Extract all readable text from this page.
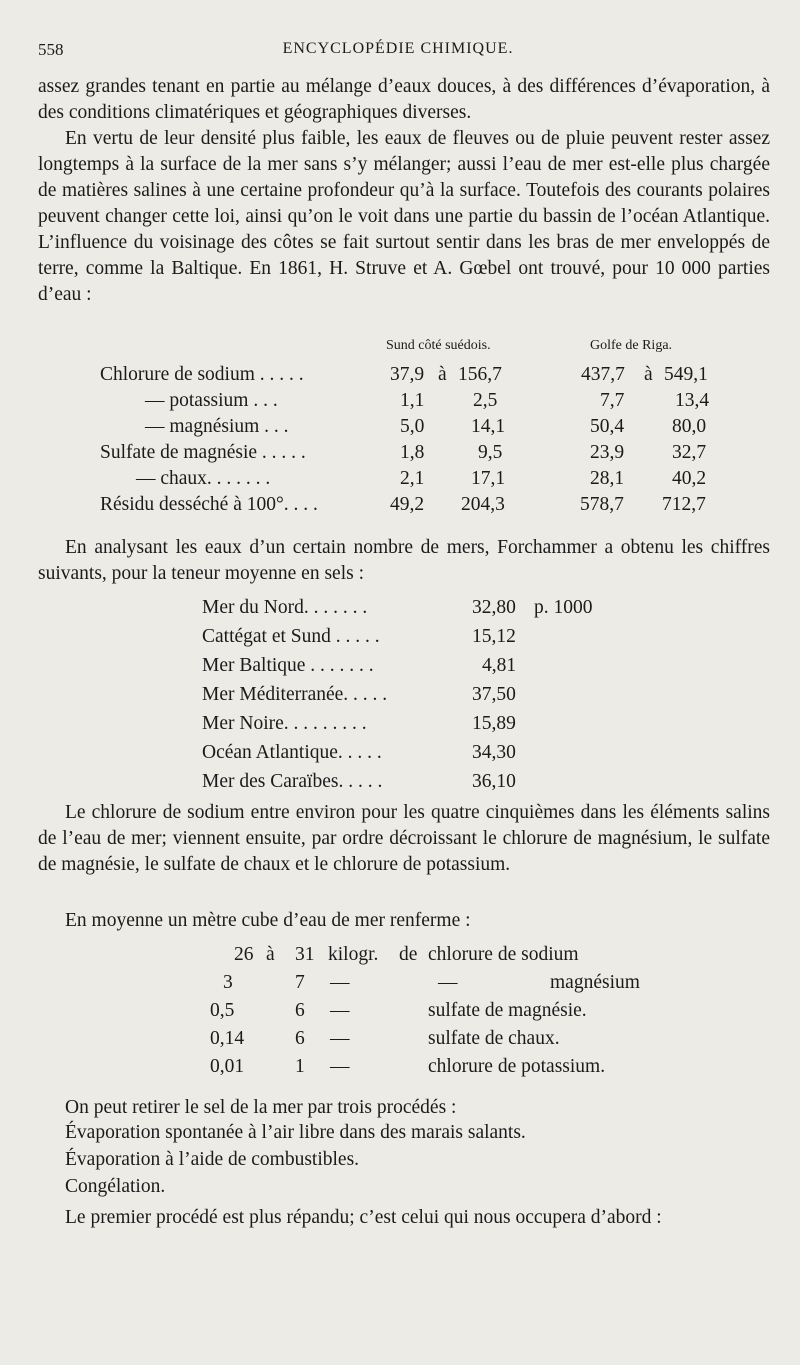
558	ENCYCLOPÉDIE CHIMIQUE.
assez grandes tenant en partie au mélange d’eaux douces, à des différences d’évaporation, à des conditions climatériques et géographiques diverses.
En vertu de leur densité plus faible, les eaux de fleuves ou de pluie peuvent rester assez longtemps à la surface de la mer sans s’y mélanger; aussi l’eau de mer est-elle plus chargée de matières salines à une certaine profondeur qu’à la surface. Toutefois des courants polaires peuvent changer cette loi, ainsi qu’on le voit dans une partie du bassin de l’océan Atlantique. L’influence du voisinage des côtes se fait surtout sentir dans les bras de mer enveloppés de terre, comme la Baltique. En 1861, H. Struve et A. Gœbel ont trouvé, pour 10 000 parties d’eau :
Sund côté suédois.	Golfe de Riga.
Chlorure de sodium . . . . .	37,9 à 156,7	437,7 à 549,1
— potassium . . .	1,1 2,5	7,7	13,4
— magnésium . . .	5,0 14,1	50,4 80,0
Sulfate de magnésie . . . . .	1,8	9,5	23,9 32,7
— chaux. . . . . . .	2,1 17,1	28,1 40,2
Résidu desséché à 100°. . . .	49,2 204,3	578,7 712,7
En analysant les eaux d’un certain nombre de mers, Forchammer a obtenu les chiffres suivants, pour la teneur moyenne en sels :
Mer du Nord. . . . . . .	32,80 p. 1000
Cattégat et Sund . . . . .	15,12
Mer Baltique . . . . . . .	4,81
Mer Méditerranée. . . . .	37,50
Mer Noire. . . . . . . . .	15,89
Océan Atlantique. . . . .	34,30
Mer des Caraïbes. . . . .	36,10
Le chlorure de sodium entre environ pour les quatre cinquièmes dans les éléments salins de l’eau de mer; viennent ensuite, par ordre décroissant le chlorure de magnésium, le sulfate de magnésie, le sulfate de chaux et le chlorure de potassium.
En moyenne un mètre cube d’eau de mer renferme :
26 à 31 kilogr. de chlorure de sodium
3	7 —	—	magnésium
0,5	6 —	sulfate de magnésie.
0,14	6 —	sulfate de chaux.
0,01	1 —	chlorure de potassium.
On peut retirer le sel de la mer par trois procédés :
Évaporation spontanée à l’air libre dans des marais salants.
Évaporation à l’aide de combustibles.
Congélation.
Le premier procédé est plus répandu; c’est celui qui nous occupera d’abord :
